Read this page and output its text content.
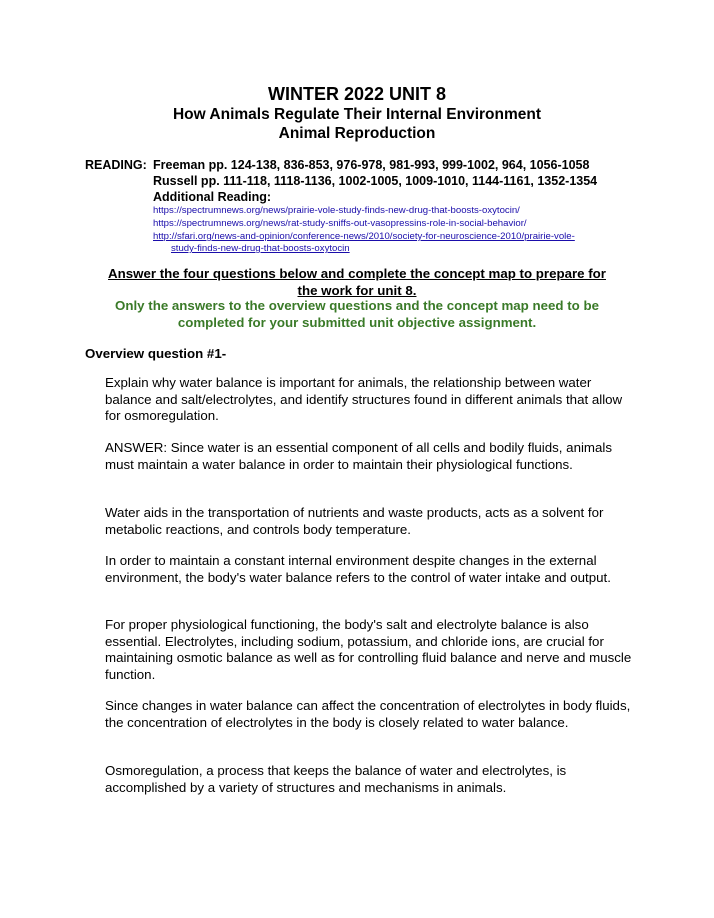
WINTER 2022 UNIT 8
How Animals Regulate Their Internal Environment
Animal Reproduction
READING: Freeman pp. 124-138, 836-853, 976-978, 981-993, 999-1002, 964, 1056-1058
Russell pp. 111-118, 1118-1136, 1002-1005, 1009-1010, 1144-1161, 1352-1354
Additional Reading:
https://spectrumnews.org/news/prairie-vole-study-finds-new-drug-that-boosts-oxytocin/
https://spectrumnews.org/news/rat-study-sniffs-out-vasopressins-role-in-social-behavior/
http://sfari.org/news-and-opinion/conference-news/2010/society-for-neuroscience-2010/prairie-vole-
study-finds-new-drug-that-boosts-oxytocin
Answer the four questions below and complete the concept map to prepare for
the work for unit 8.
Only the answers to the overview questions and the concept map need to be
completed for your submitted unit objective assignment.
Overview question #1-
Explain why water balance is important for animals, the relationship between water balance and salt/electrolytes, and identify structures found in different animals that allow for osmoregulation.
ANSWER: Since water is an essential component of all cells and bodily fluids, animals must maintain a water balance in order to maintain their physiological functions.
Water aids in the transportation of nutrients and waste products, acts as a solvent for metabolic reactions, and controls body temperature.
In order to maintain a constant internal environment despite changes in the external environment, the body's water balance refers to the control of water intake and output.
For proper physiological functioning, the body's salt and electrolyte balance is also essential. Electrolytes, including sodium, potassium, and chloride ions, are crucial for maintaining osmotic balance as well as for controlling fluid balance and nerve and muscle function.
Since changes in water balance can affect the concentration of electrolytes in body fluids, the concentration of electrolytes in the body is closely related to water balance.
Osmoregulation, a process that keeps the balance of water and electrolytes, is accomplished by a variety of structures and mechanisms in animals.
